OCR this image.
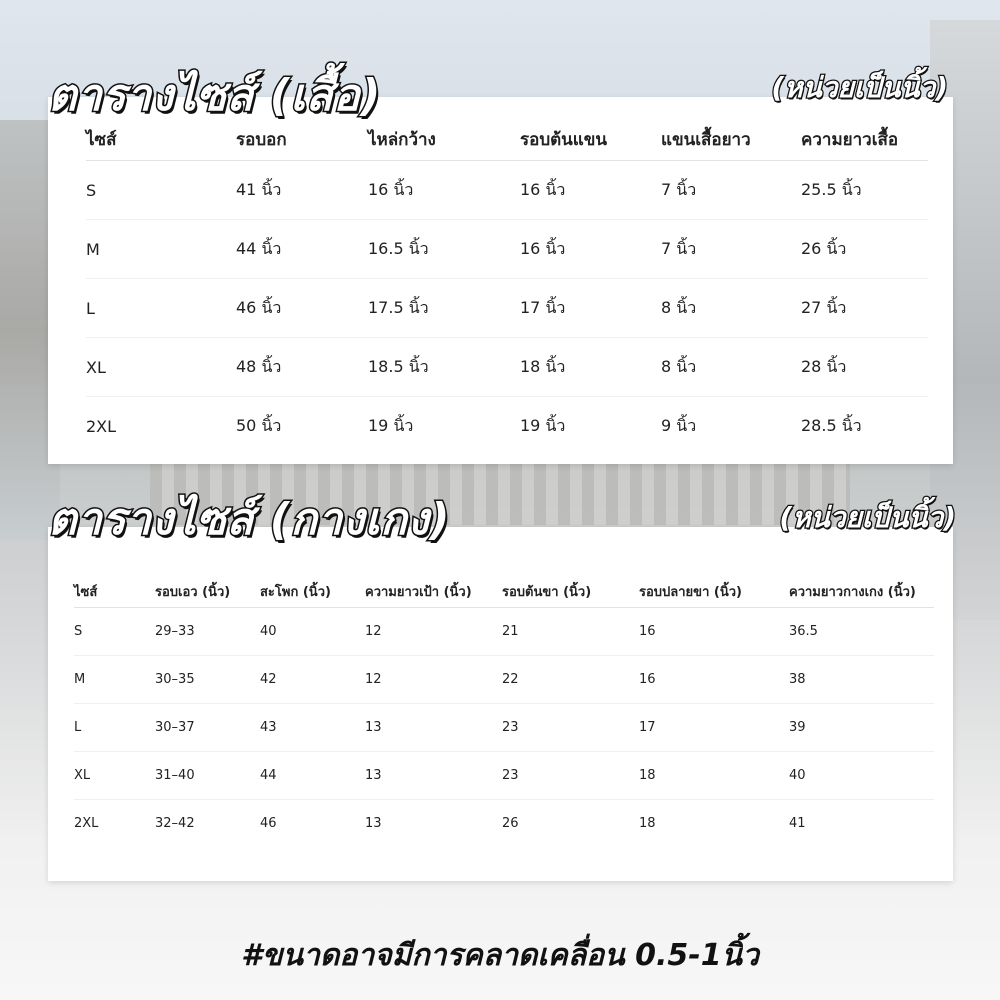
ตารางไซส์ (เสื้อ)	(หน่วยเป็นนิ้ว)
ไซส์	รอบอก	ไหล่กว้าง	รอบต้นแขน	แขนเสื้อยาว	ความยาวเสื้อ
S	41 นิ้ว	16 นิ้ว	16 นิ้ว	7 นิ้ว	25.5 นิ้ว
M	44 นิ้ว	16.5 นิ้ว	16 นิ้ว	7 นิ้ว	26 นิ้ว
L	46 นิ้ว	17.5 นิ้ว	17 นิ้ว	8 นิ้ว	27 นิ้ว
XL	48 นิ้ว	18.5 นิ้ว	18 นิ้ว	8 นิ้ว	28 นิ้ว
2XL	50 นิ้ว	19 นิ้ว	19 นิ้ว	9 นิ้ว	28.5 นิ้ว
ตารางไซส์ (กางเกง)	(หน่วยเป็นนิ้ว)
ไซส์	รอบเอว (นิ้ว)	สะโพก (นิ้ว)	ความยาวเป้า (นิ้ว)	รอบต้นขา (นิ้ว)	รอบปลายขา (นิ้ว)	ความยาวกางเกง (นิ้ว)
S	29–33	40	12	21	16	36.5
M	30–35	42	12	22	16	38
L	30–37	43	13	23	17	39
XL	31–40	44	13	23	18	40
2XL	32–42	46	13	26	18	41

#ขนาดอาจมีการคลาดเคลื่อน 0.5-1นิ้ว
